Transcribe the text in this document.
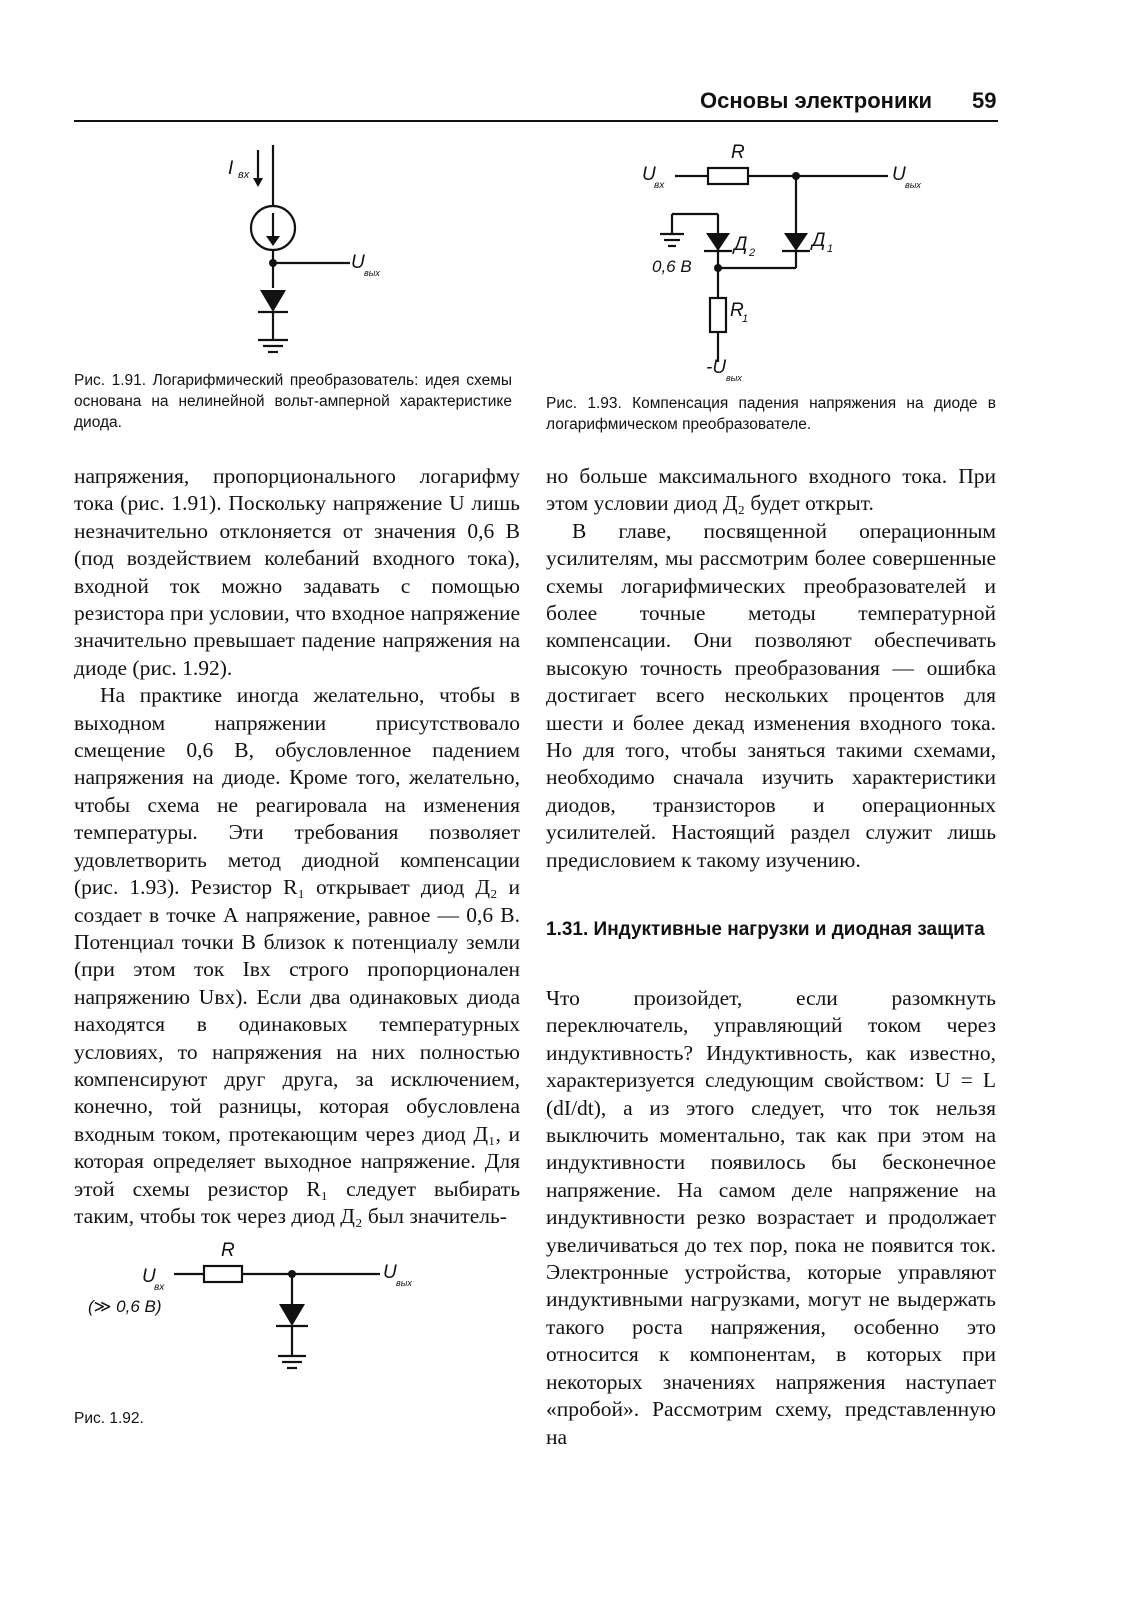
Основы электроники 59
I вх
U вых
Рис. 1.91. Логарифмический преобразователь: идея схемы основана на нелинейной вольт-амперной характеристике диода.
R
U
вх
U вых
Д 2
Д 1
0,6 В
R
1
-U вых
Рис. 1.93. Компенсация падения напряжения на диоде в логарифмическом преобразователе.

напряжения, пропорционального логарифму тока (рис. 1.91). Поскольку напряжение U лишь незначительно отклоняется от значения 0,6 В (под воздействием колебаний входного тока), входной ток можно задавать с помощью резистора при условии, что входное напряжение значительно превышает падение напряжения на диоде (рис. 1.92).

На практике иногда желательно, чтобы в выходном напряжении присутствовало смещение 0,6 В, обусловленное падением напряжения на диоде. Кроме того, желательно, чтобы схема не реагировала на изменения температуры. Эти требования позволяет удовлетворить метод диодной компенсации (рис. 1.93). Резистор R₁ открывает диод Д₂ и создает в точке А напряжение, равное — 0,6 В. Потенциал точки В близок к потенциалу земли (при этом ток Iвх строго пропорционален напряжению Uвх). Если два одинаковых диода находятся в одинаковых температурных условиях, то напряжения на них полностью компенсируют друг друга, за исключением, конечно, той разницы, которая обусловлена входным током, протекающим через диод Д₁, и которая определяет выходное напряжение. Для этой схемы резистор R₁ следует выбирать таким, чтобы ток через диод Д₂ был значитель-

R
U
вх
(≫ 0,6 В)
U вых
Рис. 1.92.

но больше максимального входного тока. При этом условии диод Д₂ будет открыт.

В главе, посвященной операционным усилителям, мы рассмотрим более совершенные схемы логарифмических преобразователей и более точные методы температурной компенсации. Они позволяют обеспечивать высокую точность преобразования — ошибка достигает всего нескольких процентов для шести и более декад изменения входного тока. Но для того, чтобы заняться такими схемами, необходимо сначала изучить характеристики диодов, транзисторов и операционных усилителей. Настоящий раздел служит лишь предисловием к такому изучению.

1.31. Индуктивные нагрузки и диодная защита

Что произойдет, если разомкнуть переключатель, управляющий током через индуктивность? Индуктивность, как известно, характеризуется следующим свойством: U = L (dI/dt), а из этого следует, что ток нельзя выключить моментально, так как при этом на индуктивности появилось бы бесконечное напряжение. На самом деле напряжение на индуктивности резко возрастает и продолжает увеличиваться до тех пор, пока не появится ток. Электронные устройства, которые управляют индуктивными нагрузками, могут не выдержать такого роста напряжения, особенно это относится к компонентам, в которых при некоторых значениях напряжения наступает «пробой». Рассмотрим схему, представленную на
